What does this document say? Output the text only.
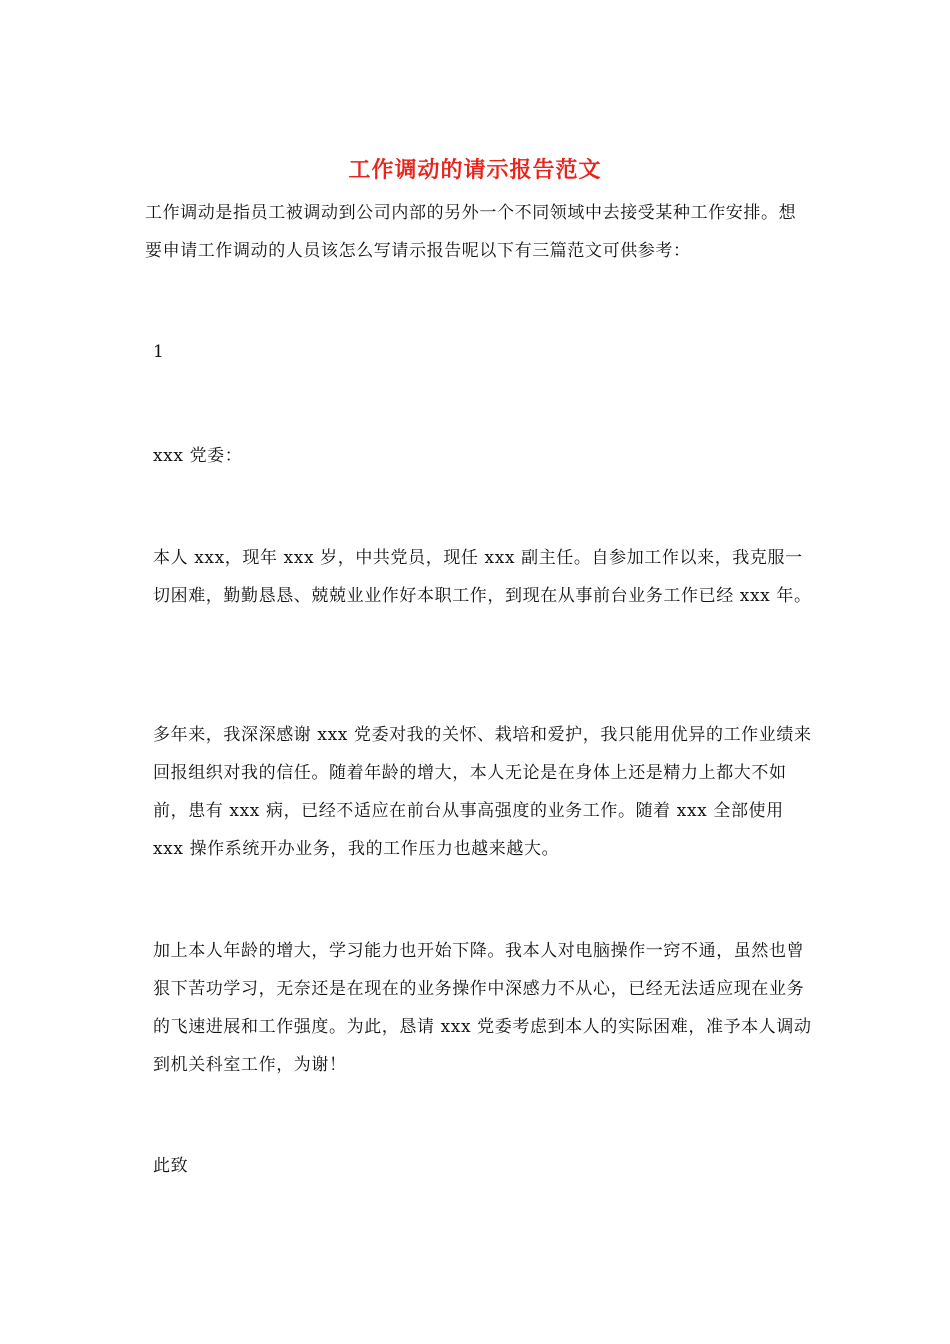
工作调动的请示报告范文

工作调动是指员工被调动到公司内部的另外一个不同领域中去接受某种工作安排。想要申请工作调动的人员该怎么写请示报告呢以下有三篇范文可供参考：

1

xxx 党委：

本人 xxx，现年 xxx 岁，中共党员，现任 xxx 副主任。自参加工作以来，我克服一切困难，勤勤恳恳、兢兢业业作好本职工作，到现在从事前台业务工作已经 xxx 年。

多年来，我深深感谢 xxx 党委对我的关怀、栽培和爱护，我只能用优异的工作业绩来回报组织对我的信任。随着年龄的增大，本人无论是在身体上还是精力上都大不如前，患有 xxx 病，已经不适应在前台从事高强度的业务工作。随着 xxx 全部使用 xxx 操作系统开办业务，我的工作压力也越来越大。

加上本人年龄的增大，学习能力也开始下降。我本人对电脑操作一窍不通，虽然也曾狠下苦功学习，无奈还是在现在的业务操作中深感力不从心，已经无法适应现在业务的飞速进展和工作强度。为此，恳请 xxx 党委考虑到本人的实际困难，准予本人调动到机关科室工作，为谢！

此致
